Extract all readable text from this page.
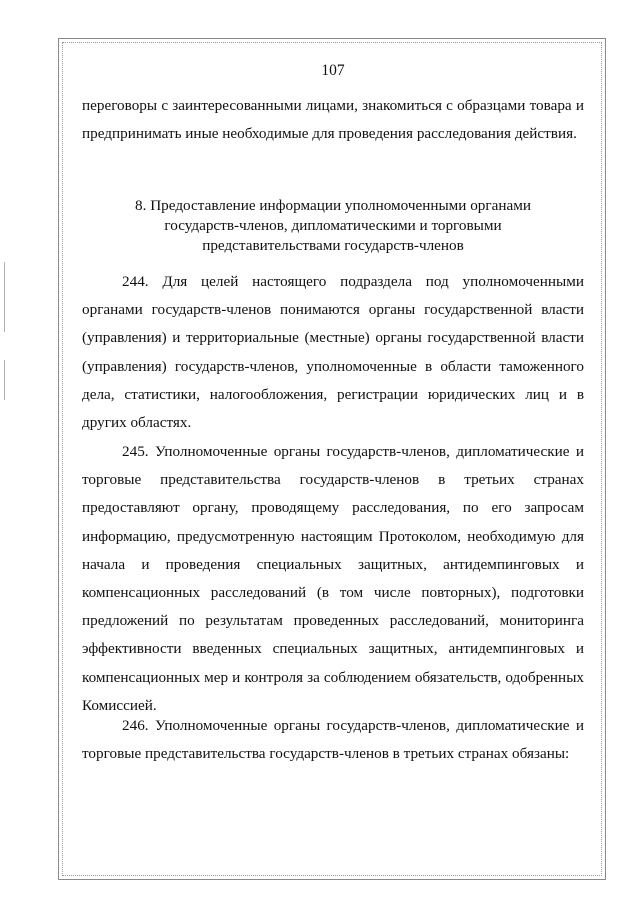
107

переговоры с заинтересованными лицами, знакомиться с образцами товара и предпринимать иные необходимые для проведения расследования действия.

8. Предоставление информации уполномоченными органами
государств-членов, дипломатическими и торговыми
представительствами государств-членов

244. Для целей настоящего подраздела под уполномоченными органами государств-членов понимаются органы государственной власти (управления) и территориальные (местные) органы государственной власти (управления) государств-членов, уполномоченные в области таможенного дела, статистики, налогообложения, регистрации юридических лиц и в других областях.

245. Уполномоченные органы государств-членов, дипломатические и торговые представительства государств-членов в третьих странах предоставляют органу, проводящему расследования, по его запросам информацию, предусмотренную настоящим Протоколом, необходимую для начала и проведения специальных защитных, антидемпинговых и компенсационных расследований (в том числе повторных), подготовки предложений по результатам проведенных расследований, мониторинга эффективности введенных специальных защитных, антидемпинговых и компенсационных мер и контроля за соблюдением обязательств, одобренных Комиссией.

246. Уполномоченные органы государств-членов, дипломатические и торговые представительства государств-членов в третьих странах обязаны:
